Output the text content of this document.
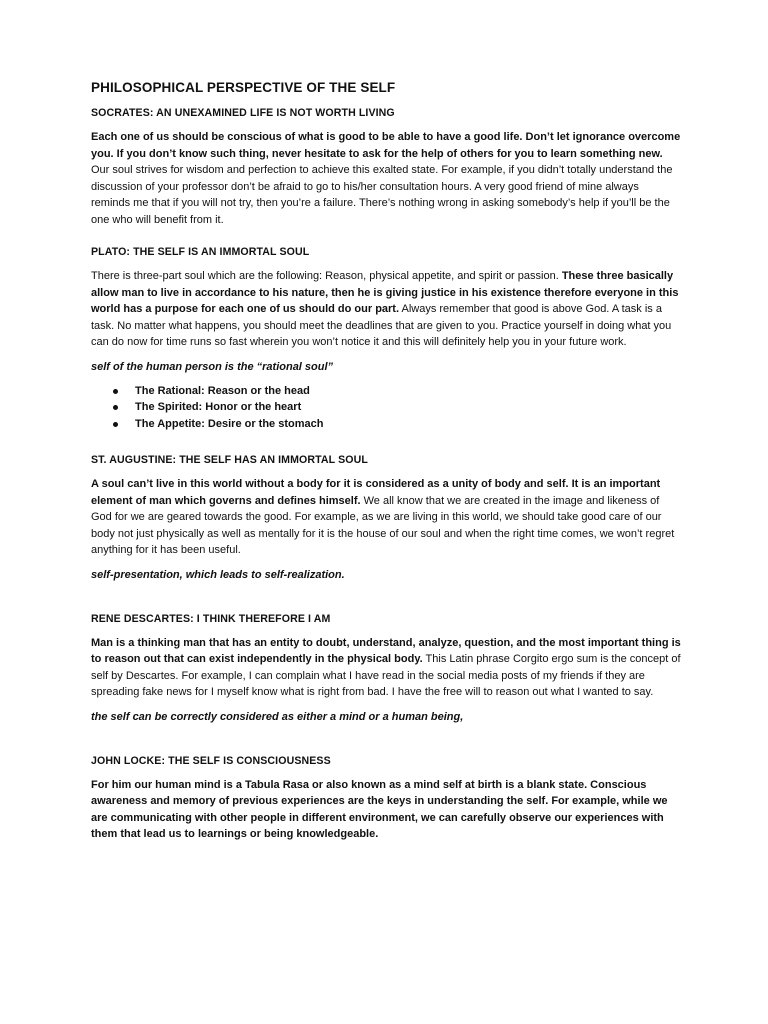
PHILOSOPHICAL PERSPECTIVE OF THE SELF
SOCRATES: AN UNEXAMINED LIFE IS NOT WORTH LIVING

Each one of us should be conscious of what is good to be able to have a good life. Don’t let ignorance overcome you. If you don’t know such thing, never hesitate to ask for the help of others for you to learn something new. Our soul strives for wisdom and perfection to achieve this exalted state. For example, if you didn’t totally understand the discussion of your professor don’t be afraid to go to his/her consultation hours. A very good friend of mine always reminds me that if you will not try, then you’re a failure. There’s nothing wrong in asking somebody’s help if you’ll be the one who will benefit from it.

PLATO: THE SELF IS AN IMMORTAL SOUL

There is three-part soul which are the following: Reason, physical appetite, and spirit or passion. These three basically allow man to live in accordance to his nature, then he is giving justice in his existence therefore everyone in this world has a purpose for each one of us should do our part. Always remember that good is above God. A task is a task. No matter what happens, you should meet the deadlines that are given to you. Practice yourself in doing what you can do now for time runs so fast wherein you won’t notice it and this will definitely help you in your future work.

self of the human person is the “rational soul”

The Rational: Reason or the head
The Spirited: Honor or the heart
The Appetite: Desire or the stomach
ST. AUGUSTINE: THE SELF HAS AN IMMORTAL SOUL

A soul can’t live in this world without a body for it is considered as a unity of body and self. It is an important element of man which governs and defines himself. We all know that we are created in the image and likeness of God for we are geared towards the good. For example, as we are living in this world, we should take good care of our body not just physically as well as mentally for it is the house of our soul and when the right time comes, we won’t regret anything for it has been useful.

self-presentation, which leads to self-realization.

RENE DESCARTES: I THINK THEREFORE I AM

Man is a thinking man that has an entity to doubt, understand, analyze, question, and the most important thing is to reason out that can exist independently in the physical body. This Latin phrase Corgito ergo sum is the concept of self by Descartes. For example, I can complain what I have read in the social media posts of my friends if they are spreading fake news for I myself know what is right from bad. I have the free will to reason out what I wanted to say.

the self can be correctly considered as either a mind or a human being,

JOHN LOCKE: THE SELF IS CONSCIOUSNESS

For him our human mind is a Tabula Rasa or also known as a mind self at birth is a blank state. Conscious awareness and memory of previous experiences are the keys in understanding the self. For example, while we are communicating with other people in different environment, we can carefully observe our experiences with them that lead us to learnings or being knowledgeable.
